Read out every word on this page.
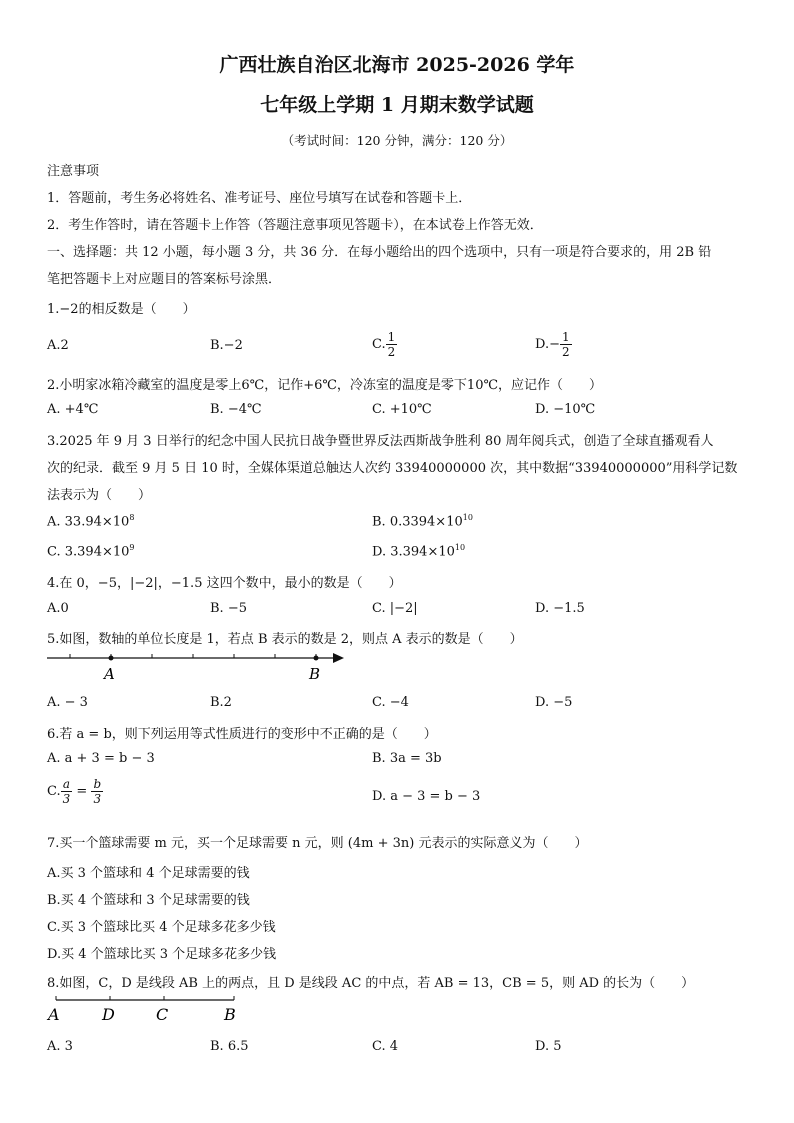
广西壮族自治区北海市 2025-2026 学年
七年级上学期 1 月期末数学试题
（考试时间：120 分钟，满分：120 分）
注意事项
1．答题前，考生务必将姓名、准考证号、座位号填写在试卷和答题卡上．
2．考生作答时，请在答题卡上作答（答题注意事项见答题卡），在本试卷上作答无效．
一、选择题：共 12 小题，每小题 3 分，共 36 分．在每小题给出的四个选项中，只有一项是符合要求的，用 2B 铅
笔把答题卡上对应题目的答案标号涂黑．
1.−2的相反数是（　　）
A.2	B.−2	C. $\frac{1}{2}$	$D.- \frac{1}{2}$
2.小明家冰箱冷藏室的温度是零上6℃，记作+6℃，冷冻室的温度是零下10℃，应记作（　　）
A. +4℃	B. −4℃	C. +10℃	D. −10℃
3.2025 年 9 月 3 日举行的纪念中国人民抗日战争暨世界反法西斯战争胜利 80 周年阅兵式，创造了全球直播观看人
次的纪录．截至 9 月 5 日 10 时，全媒体渠道总触达人次约 33940000000 次，其中数据“33940000000”用科学记数
法表示为（　　）
A. $33.94\times 10^8$	B. $0.3394\times 10^{10}$
C. $3.394\times 10^9$	D. $3.394\times 10^{10}$
4.在 0，−5，|−2|，−1.5 这四个数中，最小的数是（　　）
A.0	B. −5	C. |−2|	D. −1.5
5.如图，数轴的单位长度是 1，若点 B 表示的数是 2，则点 A 表示的数是（　　）
A	B
A. − 3	B.2	C. −4	D. −5
6.若 a = b，则下列运用等式性质进行的变形中不正确的是（　　）
A. a + 3 = b − 3	B. 3a = 3b
C. $\frac{a}{3} = \frac{b}{3}$	D. a − 3 = b − 3
7.买一个篮球需要 m 元，买一个足球需要 n 元，则 (4m + 3n) 元表示的实际意义为（　　）
A.买 3 个篮球和 4 个足球需要的钱
B.买 4 个篮球和 3 个足球需要的钱
C.买 3 个篮球比买 4 个足球多花多少钱
D.买 4 个篮球比买 3 个足球多花多少钱
8.如图，C，D 是线段 AB 上的两点，且 D 是线段 AC 的中点，若 AB = 13，CB = 5，则 AD 的长为（　　）
A	D	C	B
A. 3	B. 6.5	C. 4	D. 5
